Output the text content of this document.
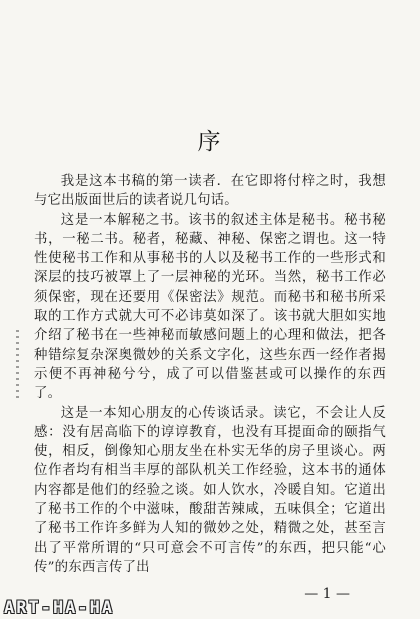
序

我是这本书稿的第一读者．在它即将付梓之时，我想与它出版面世后的读者说几句话。

这是一本解秘之书。该书的叙述主体是秘书。秘书秘书，一秘二书。秘者，秘藏、神秘、保密之谓也。这一特性使秘书工作和从事秘书的人以及秘书工作的一些形式和深层的技巧被罩上了一层神秘的光环。当然，秘书工作必须保密，现在还要用《保密法》规范。而秘书和秘书所采取的工作方式就大可不必讳莫如深了。该书就大胆如实地介绍了秘书在一些神秘而敏感问题上的心理和做法，把各种错综复杂深奥微妙的关系文字化，这些东西一经作者揭示便不再神秘兮兮，成了可以借鉴甚或可以操作的东西了。

这是一本知心朋友的心传谈话录。读它，不会让人反感：没有居高临下的谆谆教育，也没有耳提面命的颐指气使，相反，倒像知心朋友坐在朴实无华的房子里谈心。两位作者均有相当丰厚的部队机关工作经验，这本书的通体内容都是他们的经验之谈。如人饮水，冷暖自知。它道出了秘书工作的个中滋味，酸甜苦辣咸，五味俱全；它道出了秘书工作许多鲜为人知的微妙之处，精微之处，甚至言出了平常所谓的“只可意会不可言传”的东西，把只能“心传”的东西言传了出

— 1 —
ART-HA-HA
